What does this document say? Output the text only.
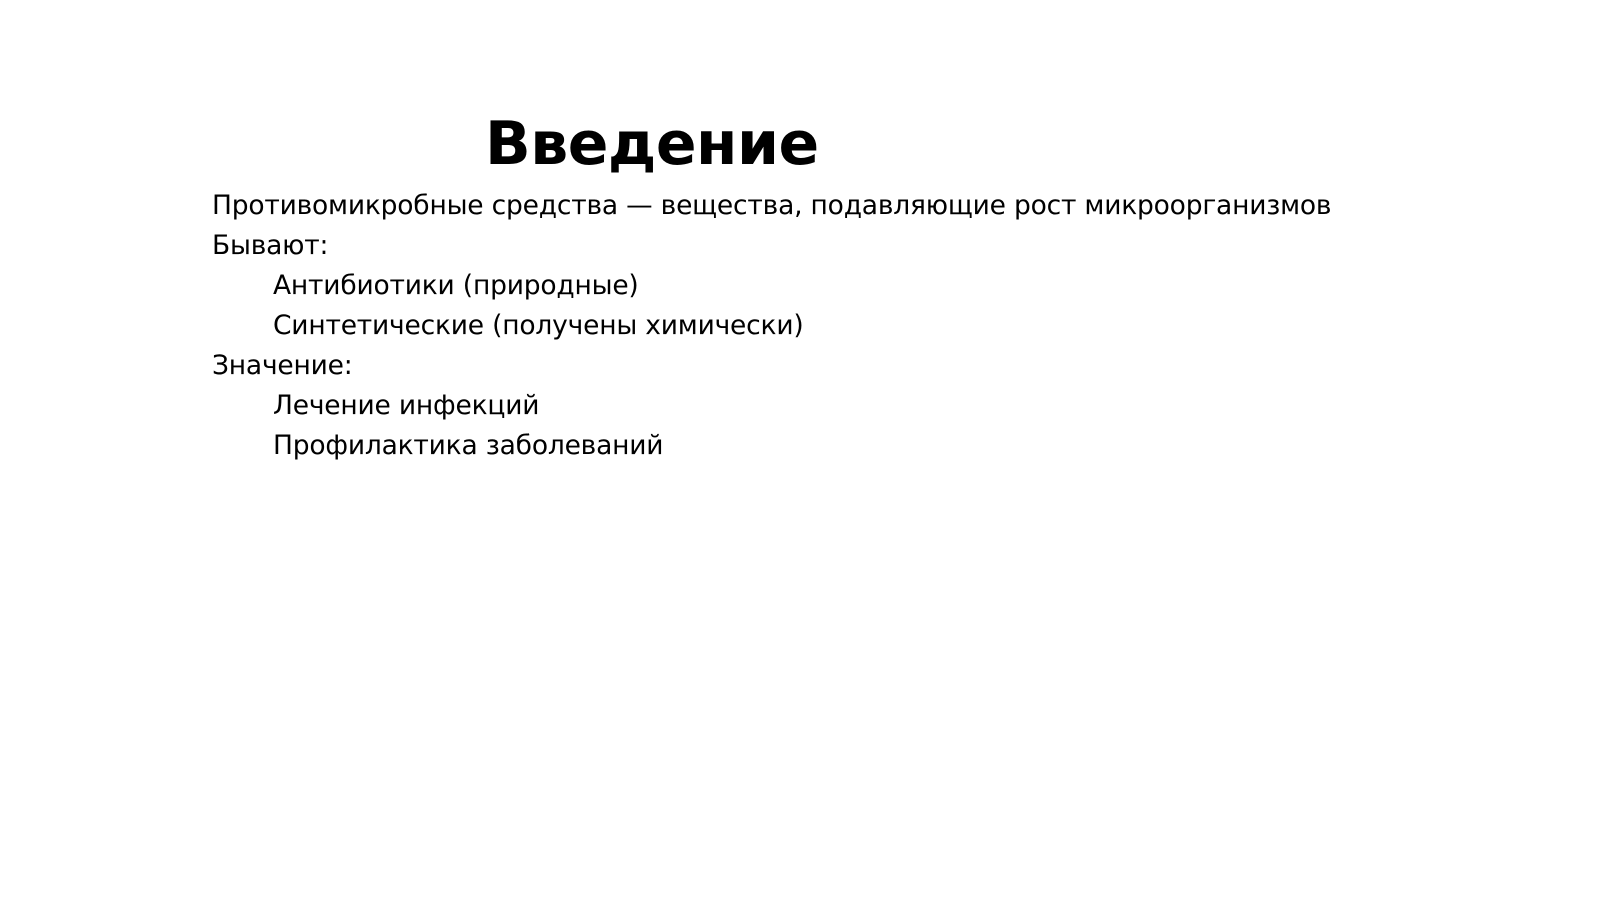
Введение
Противомикробные средства — вещества, подавляющие рост микроорганизмов
Бывают:
Антибиотики (природные)
Синтетические (получены химически)
Значение:
Лечение инфекций
Профилактика заболеваний
